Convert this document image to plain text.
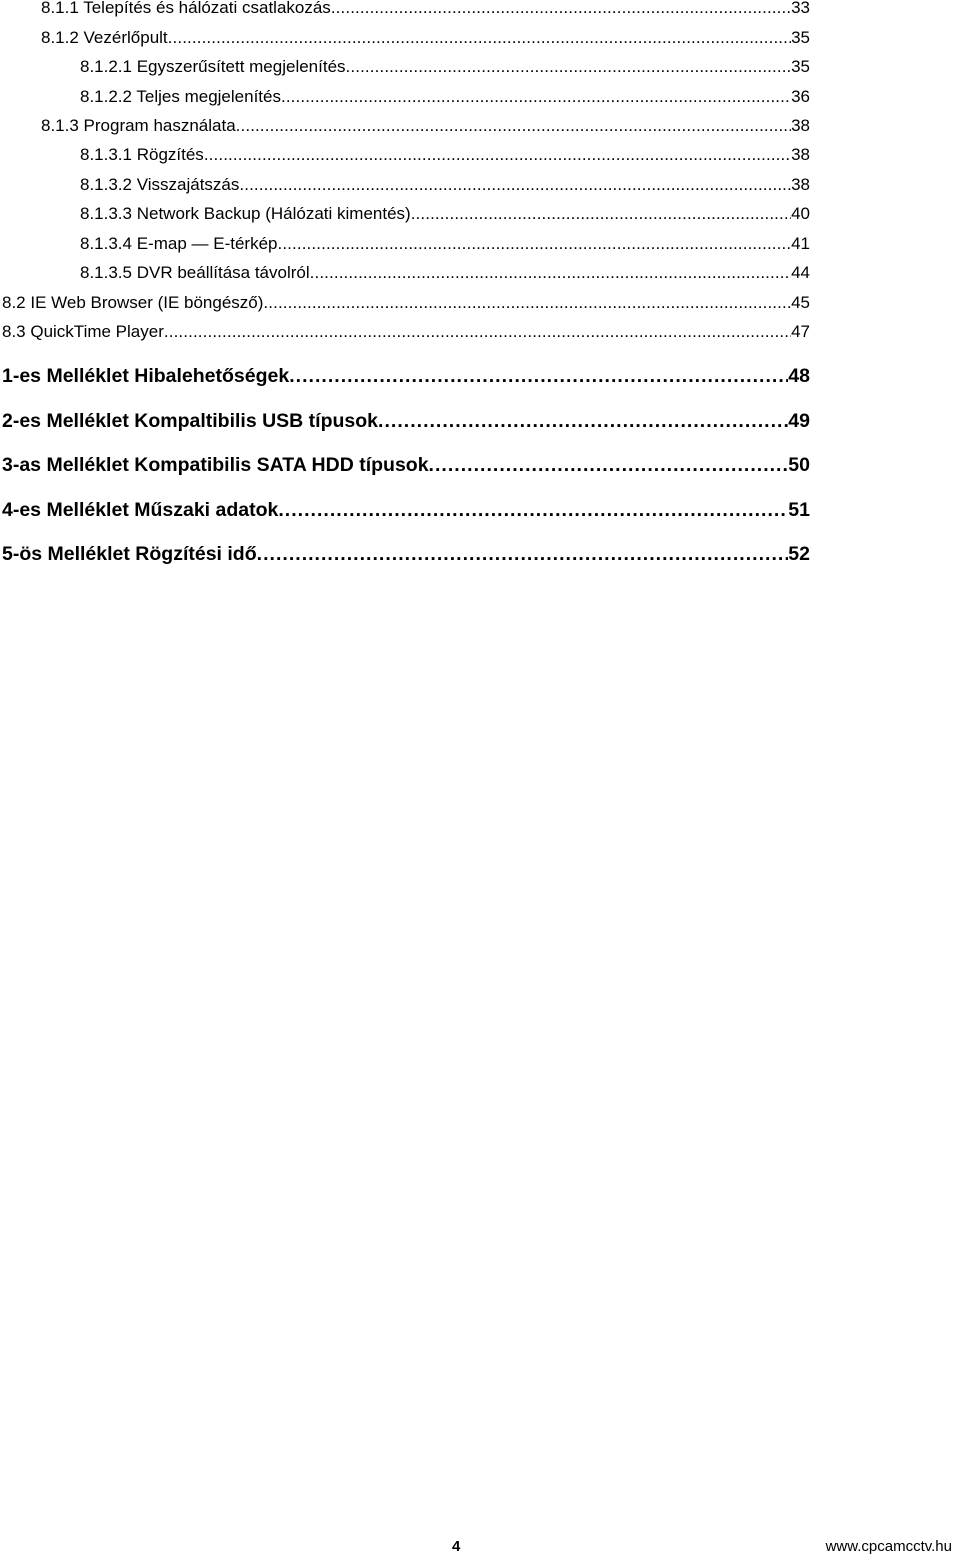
8.1.1 Telepítés és hálózati csatlakozás . . .	33
8.1.2 Vezérlőpult . . .	35
8.1.2.1 Egyszerűsített megjelenítés . . .	35
8.1.2.2 Teljes megjelenítés . . .	36
8.1.3 Program használata . . .	38
8.1.3.1 Rögzítés . . .	38
8.1.3.2 Visszajátszás . . .	38
8.1.3.3 Network Backup (Hálózati kimentés) . . .	40
8.1.3.4 E-map — E-térkép . . .	41
8.1.3.5 DVR beállítása távolról . . .	44
8.2 IE Web Browser (IE böngésző) . . .	45
8.3 QuickTime Player . . .	47
1-es Melléklet Hibalehetőségek . . .	48
2-es Melléklet Kompaltibilis USB típusok . . .	49
3-as Melléklet Kompatibilis SATA HDD típusok . . .	50
4-es Melléklet Műszaki adatok . . .	51
5-ös Melléklet Rögzítési idő . . .	52
4	www.cpcamcctv.hu
